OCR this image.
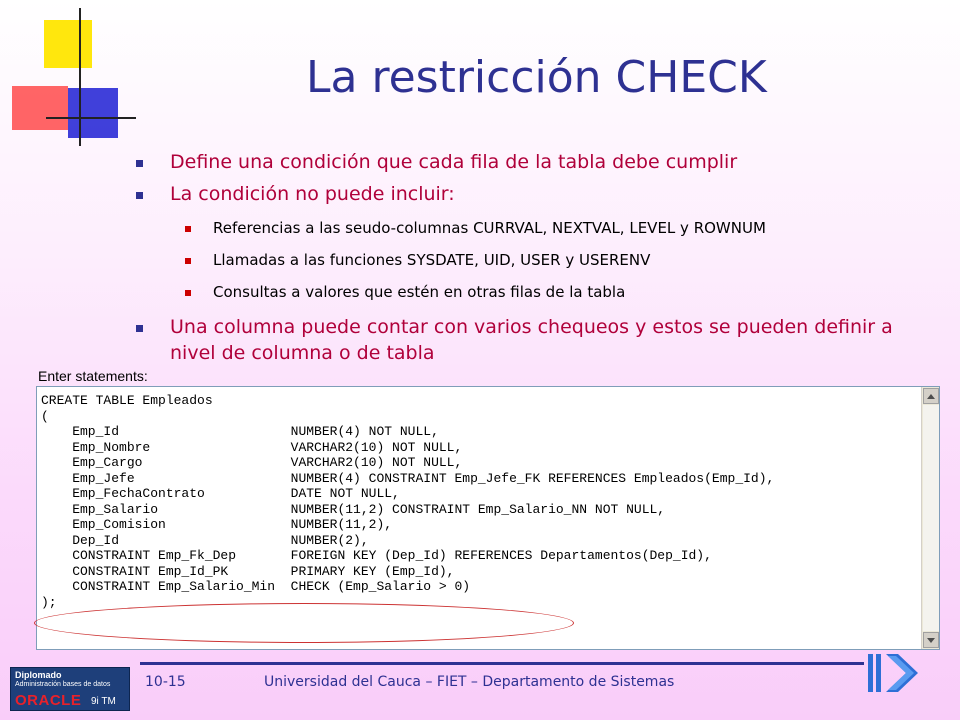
La restricción CHECK
Define una condición que cada fila de la tabla debe cumplir
La condición no puede incluir:
Referencias a las seudo-columnas CURRVAL, NEXTVAL, LEVEL y ROWNUM
Llamadas a las funciones SYSDATE, UID, USER y USERENV
Consultas a valores que estén en otras filas de la tabla
Una columna puede contar con varios chequeos y estos se pueden definir a nivel de columna o de tabla
Enter statements:
CREATE TABLE Empleados
(
Emp_Id                      NUMBER(4) NOT NULL,
Emp_Nombre                  VARCHAR2(10) NOT NULL,
Emp_Cargo                   VARCHAR2(10) NOT NULL,
Emp_Jefe                    NUMBER(4) CONSTRAINT Emp_Jefe_FK REFERENCES Empleados(Emp_Id),
Emp_FechaContrato           DATE NOT NULL,
Emp_Salario                 NUMBER(11,2) CONSTRAINT Emp_Salario_NN NOT NULL,
Emp_Comision                NUMBER(11,2),
Dep_Id                      NUMBER(2),
CONSTRAINT Emp_Fk_Dep       FOREIGN KEY (Dep_Id) REFERENCES Departamentos(Dep_Id),
CONSTRAINT Emp_Id_PK        PRIMARY KEY (Emp_Id),
CONSTRAINT Emp_Salario_Min  CHECK (Emp_Salario > 0)
);
10-15	Universidad del Cauca – FIET – Departamento de Sistemas
Diplomado
Administración bases de datos
ORACLE 9i TM
